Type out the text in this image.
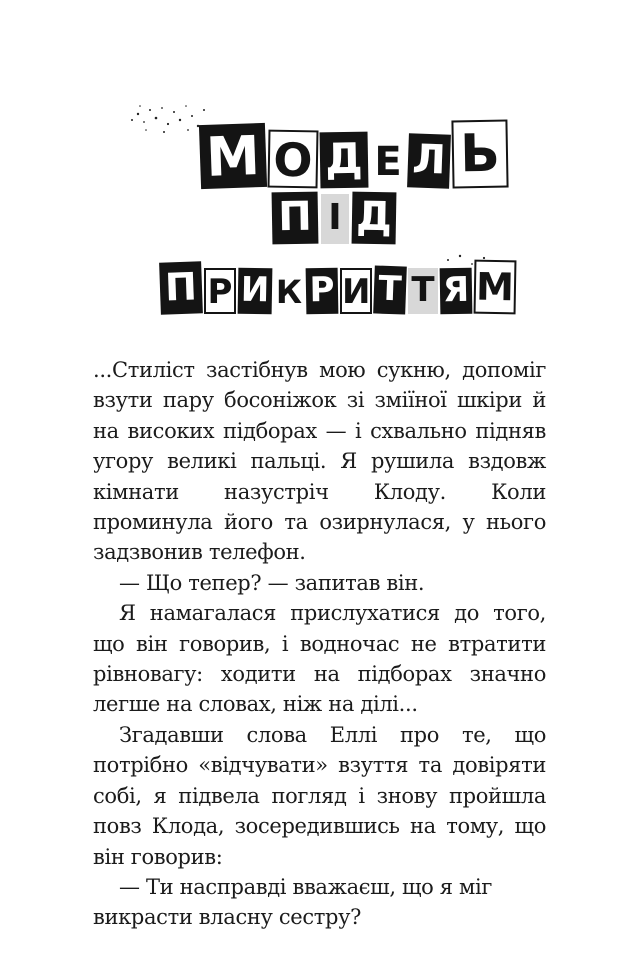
М О Д Е Л Ь
П І Д
П Р И К Р И Т Т Я М

...Стиліст застібнув мою сукню, допоміг взути пару босоніжок зі зміїної шкіри й на високих підборах — і схвально підняв угору великі пальці. Я рушила вздовж кімнати назустріч Клоду. Коли проминула його та озирнулася, у нього задзвонив телефон.

— Що тепер? — запитав він.

Я намагалася прислухатися до того, що він говорив, і водночас не втратити рівновагу: ходити на підборах значно легше на словах, ніж на ділі...

Згадавши слова Еллі про те, що потрібно «відчувати» взуття та довіряти собі, я підвела погляд і знову пройшла повз Клода, зосередившись на тому, що він говорив:

— Ти насправді вважаєш, що я міг викрасти власну сестру?
